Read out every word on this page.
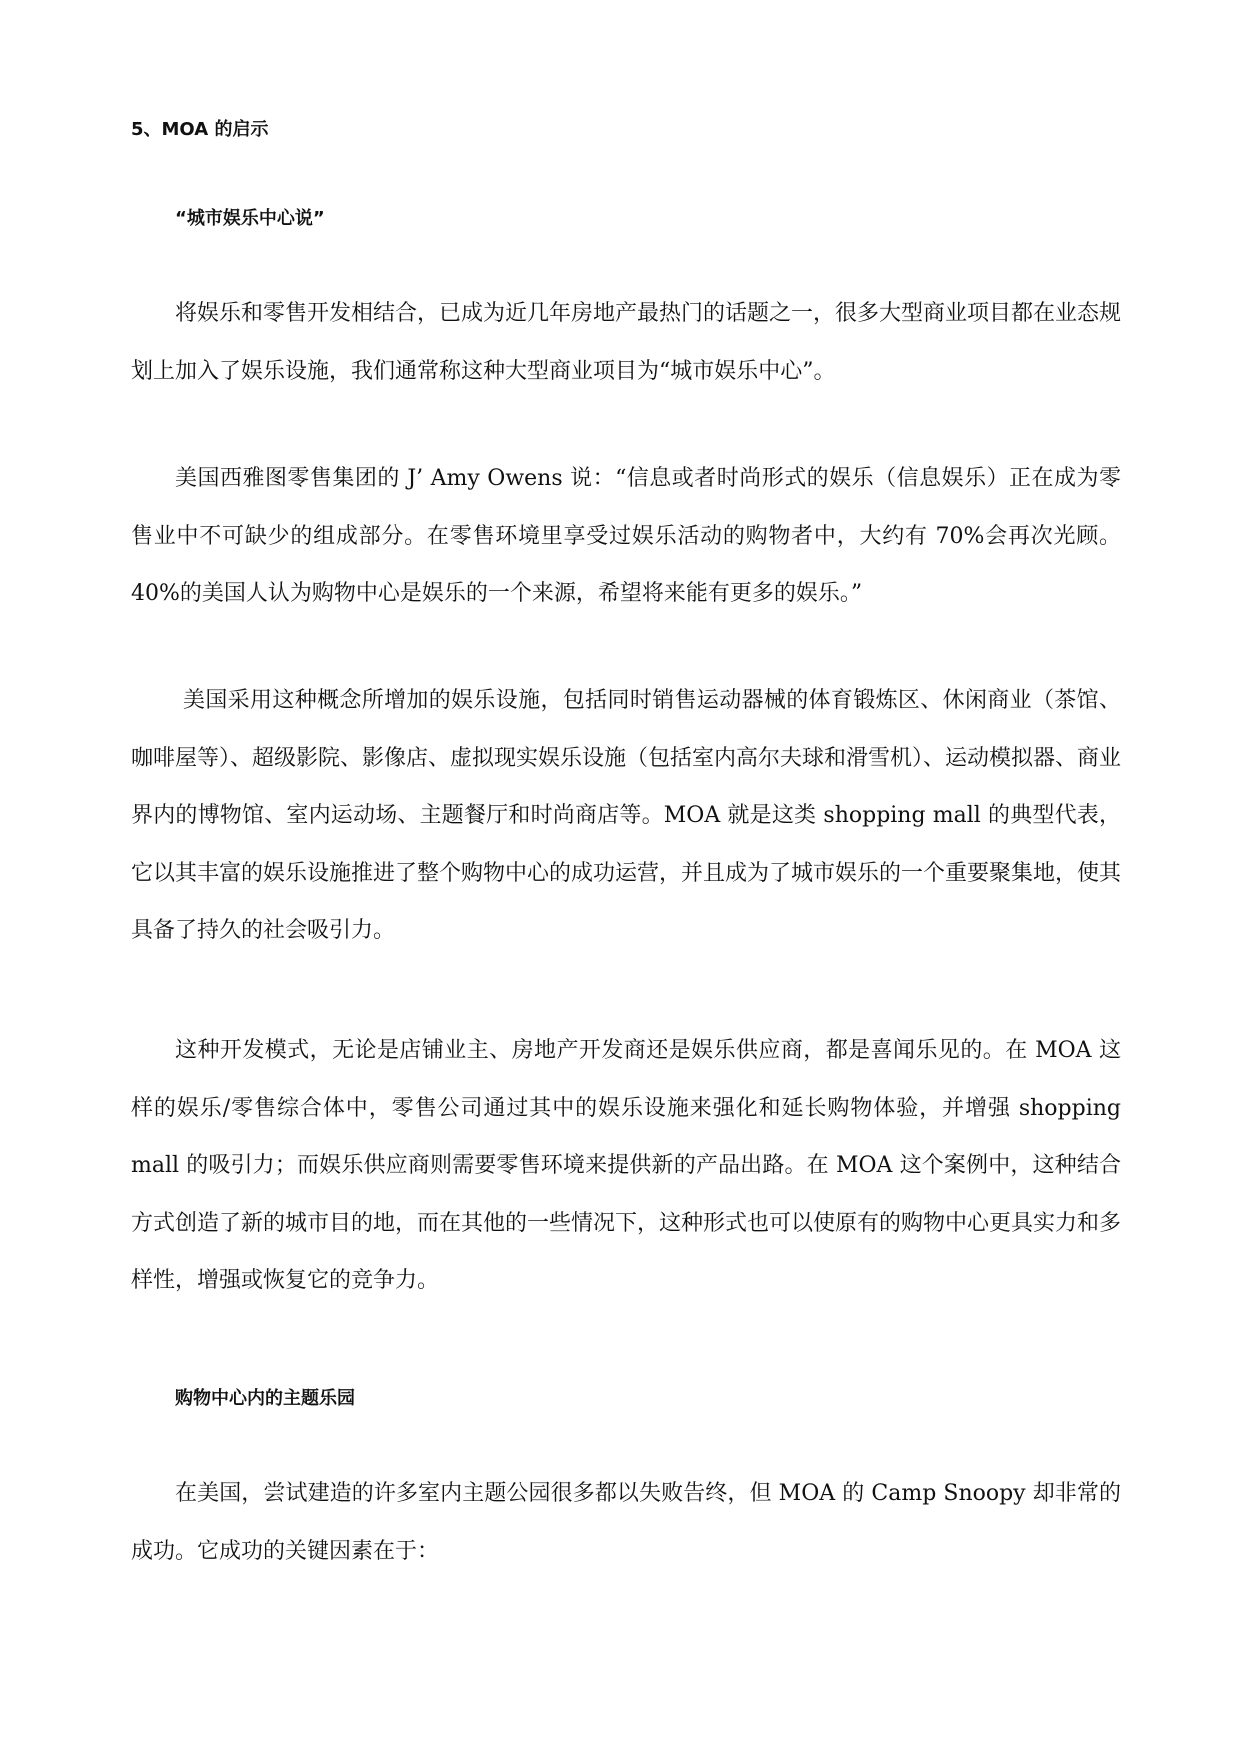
5、MOA 的启示
“城市娱乐中心说”

将娱乐和零售开发相结合，已成为近几年房地产最热门的话题之一，很多大型商业项目都在业态规划上加入了娱乐设施，我们通常称这种大型商业项目为“城市娱乐中心”。

美国西雅图零售集团的 J’ Amy Owens 说：“信息或者时尚形式的娱乐（信息娱乐）正在成为零售业中不可缺少的组成部分。在零售环境里享受过娱乐活动的购物者中，大约有 70%会再次光顾。40%的美国人认为购物中心是娱乐的一个来源，希望将来能有更多的娱乐。”

美国采用这种概念所增加的娱乐设施，包括同时销售运动器械的体育锻炼区、休闲商业（茶馆、咖啡屋等）、超级影院、影像店、虚拟现实娱乐设施（包括室内高尔夫球和滑雪机）、运动模拟器、商业界内的博物馆、室内运动场、主题餐厅和时尚商店等。MOA 就是这类 shopping mall 的典型代表，它以其丰富的娱乐设施推进了整个购物中心的成功运营，并且成为了城市娱乐的一个重要聚集地，使其具备了持久的社会吸引力。

这种开发模式，无论是店铺业主、房地产开发商还是娱乐供应商，都是喜闻乐见的。在 MOA 这样的娱乐/零售综合体中，零售公司通过其中的娱乐设施来强化和延长购物体验，并增强 shopping mall 的吸引力；而娱乐供应商则需要零售环境来提供新的产品出路。在 MOA 这个案例中，这种结合方式创造了新的城市目的地，而在其他的一些情况下，这种形式也可以使原有的购物中心更具实力和多样性，增强或恢复它的竞争力。

购物中心内的主题乐园

在美国，尝试建造的许多室内主题公园很多都以失败告终，但 MOA 的 Camp Snoopy 却非常的成功。它成功的关键因素在于：
